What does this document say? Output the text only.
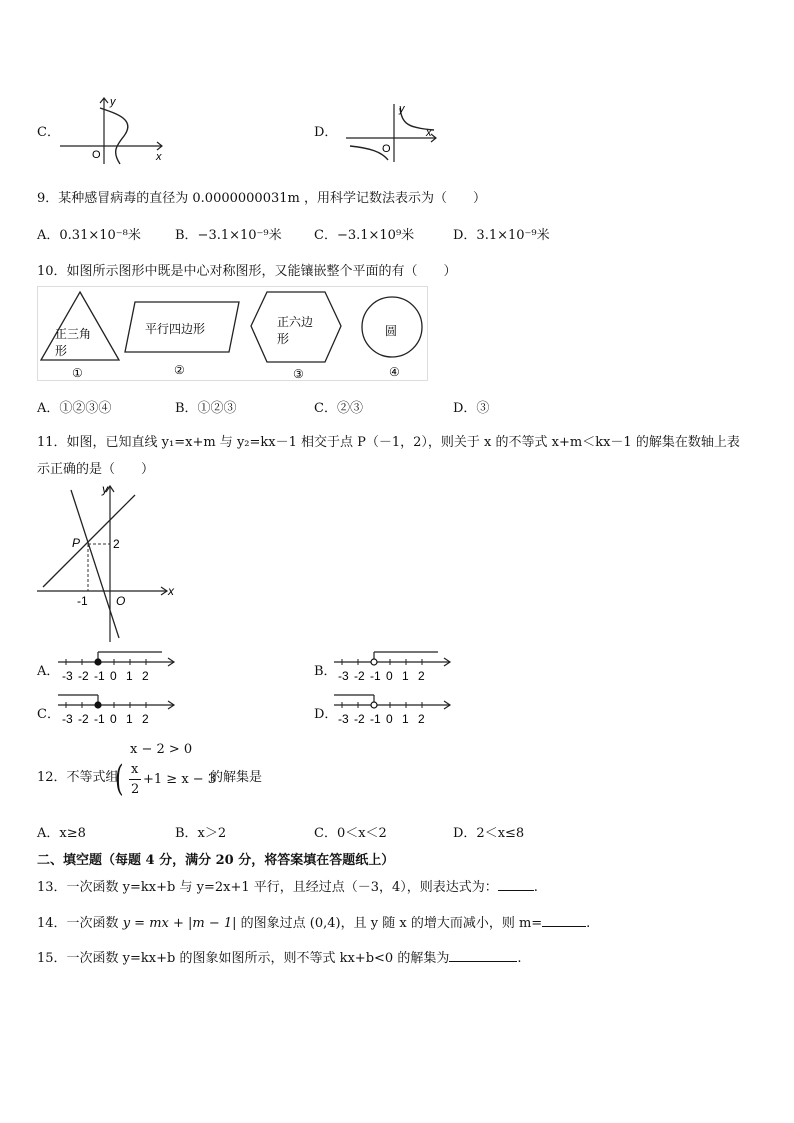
C．
y
x
O
D．
y
x
O
9．某种感冒病毒的直径为 0.0000000031m ，用科学记数法表示为（　　）
A．0.31×10⁻⁸米	B．−3.1×10⁻⁹米 C．−3.1×10⁹米	D．3.1×10⁻⁹米
10．如图所示图形中既是中心对称图形，又能镶嵌整个平面的有（　　）
正三角
形
①
平行四边形
②
正六边
形
③
圆
④
A．①②③④	B．①②③	C．②③	D．③
11．如图，已知直线 y₁=x+m 与 y₂=kx－1 相交于点 P（－1，2），则关于 x 的不等式 x+m＜kx－1 的解集在数轴上表
示正确的是（　　）
y
x
P	2
-1 O
A． -3 -2 -1 0 1 2	B． -3 -2 -1 0 1 2
C． -3 -2 -1 0 1 2	D． -3 -2 -1 0 1 2
x − 2 > 0
12．不等式组
( x
2
+1 ≥ x − 3
的解集是
A．x≥8	B．x＞2	C．0＜x＜2	D．2＜x≤8
二、填空题（每题 4 分，满分 20 分，将答案填在答题纸上）
13．一次函数 y=kx+b 与 y=2x+1 平行，且经过点（－3，4），则表达式为：	.
14．一次函数 y = mx + |m − 1| 的图象过点 (0,4)，且 y 随 x 的增大而减小，则 m=	.
15．一次函数 y=kx+b 的图象如图所示，则不等式 kx+b<0 的解集为	.
